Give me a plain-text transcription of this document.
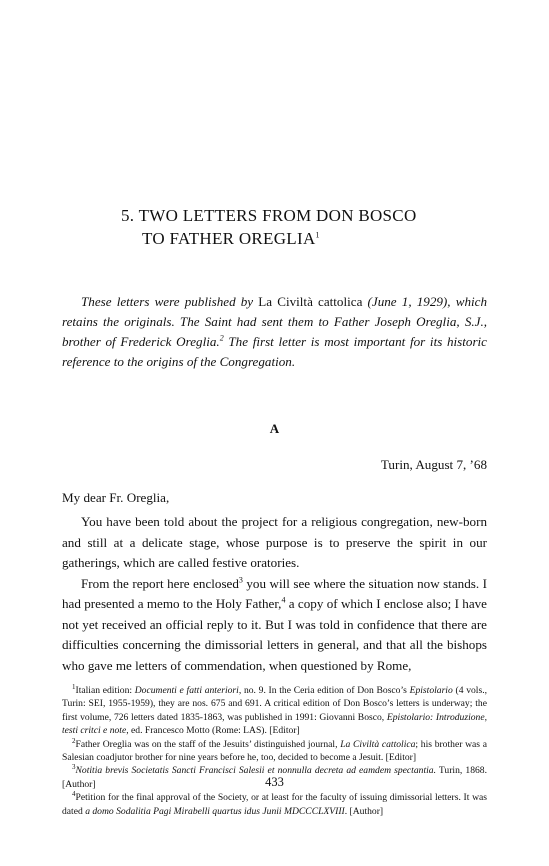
5. TWO LETTERS FROM DON BOSCO
TO FATHER OREGLIA$^1$

These letters were published by La Civiltà cattolica (June 1, 1929), which retains the originals. The Saint had sent them to Father Joseph Oreglia, S.J., brother of Frederick Oreglia.$^2$ The first letter is most important for its historic reference to the origins of the Congregation.

A
Turin, August 7, ’68
My dear Fr. Oreglia,

You have been told about the project for a religious congregation, new-born and still at a delicate stage, whose purpose is to preserve the spirit in our gatherings, which are called festive oratories.

From the report here enclosed$^3$ you will see where the situation now stands. I had presented a memo to the Holy Father,$^4$ a copy of which I enclose also; I have not yet received an official reply to it. But I was told in confidence that there are difficulties concerning the dimissorial letters in general, and that all the bishops who gave me letters of commendation, when questioned by Rome,

$^1$Italian edition: Documenti e fatti anteriori, no. 9. In the Ceria edition of Don Bosco’s Epistolario (4 vols., Turin: SEI, 1955-1959), they are nos. 675 and 691. A critical edition of Don Bosco’s letters is underway; the first volume, 726 letters dated 1835-1863, was published in 1991: Giovanni Bosco, Epistolario: Introduzione, testi critci e note, ed. Francesco Motto (Rome: LAS). [Editor]

$^2$Father Oreglia was on the staff of the Jesuits’ distinguished journal, La Civiltà cattolica; his brother was a Salesian coadjutor brother for nine years before he, too, decided to become a Jesuit. [Editor]

$^3$Notitia brevis Societatis Sancti Francisci Salesii et nonnulla decreta ad eamdem spectantia. Turin, 1868. [Author]

$^4$Petition for the final approval of the Society, or at least for the faculty of issuing dimissorial letters. It was dated a domo Sodalitia Pagi Mirabelli quartus idus Junii MDCCCLXVIII. [Author]

433
